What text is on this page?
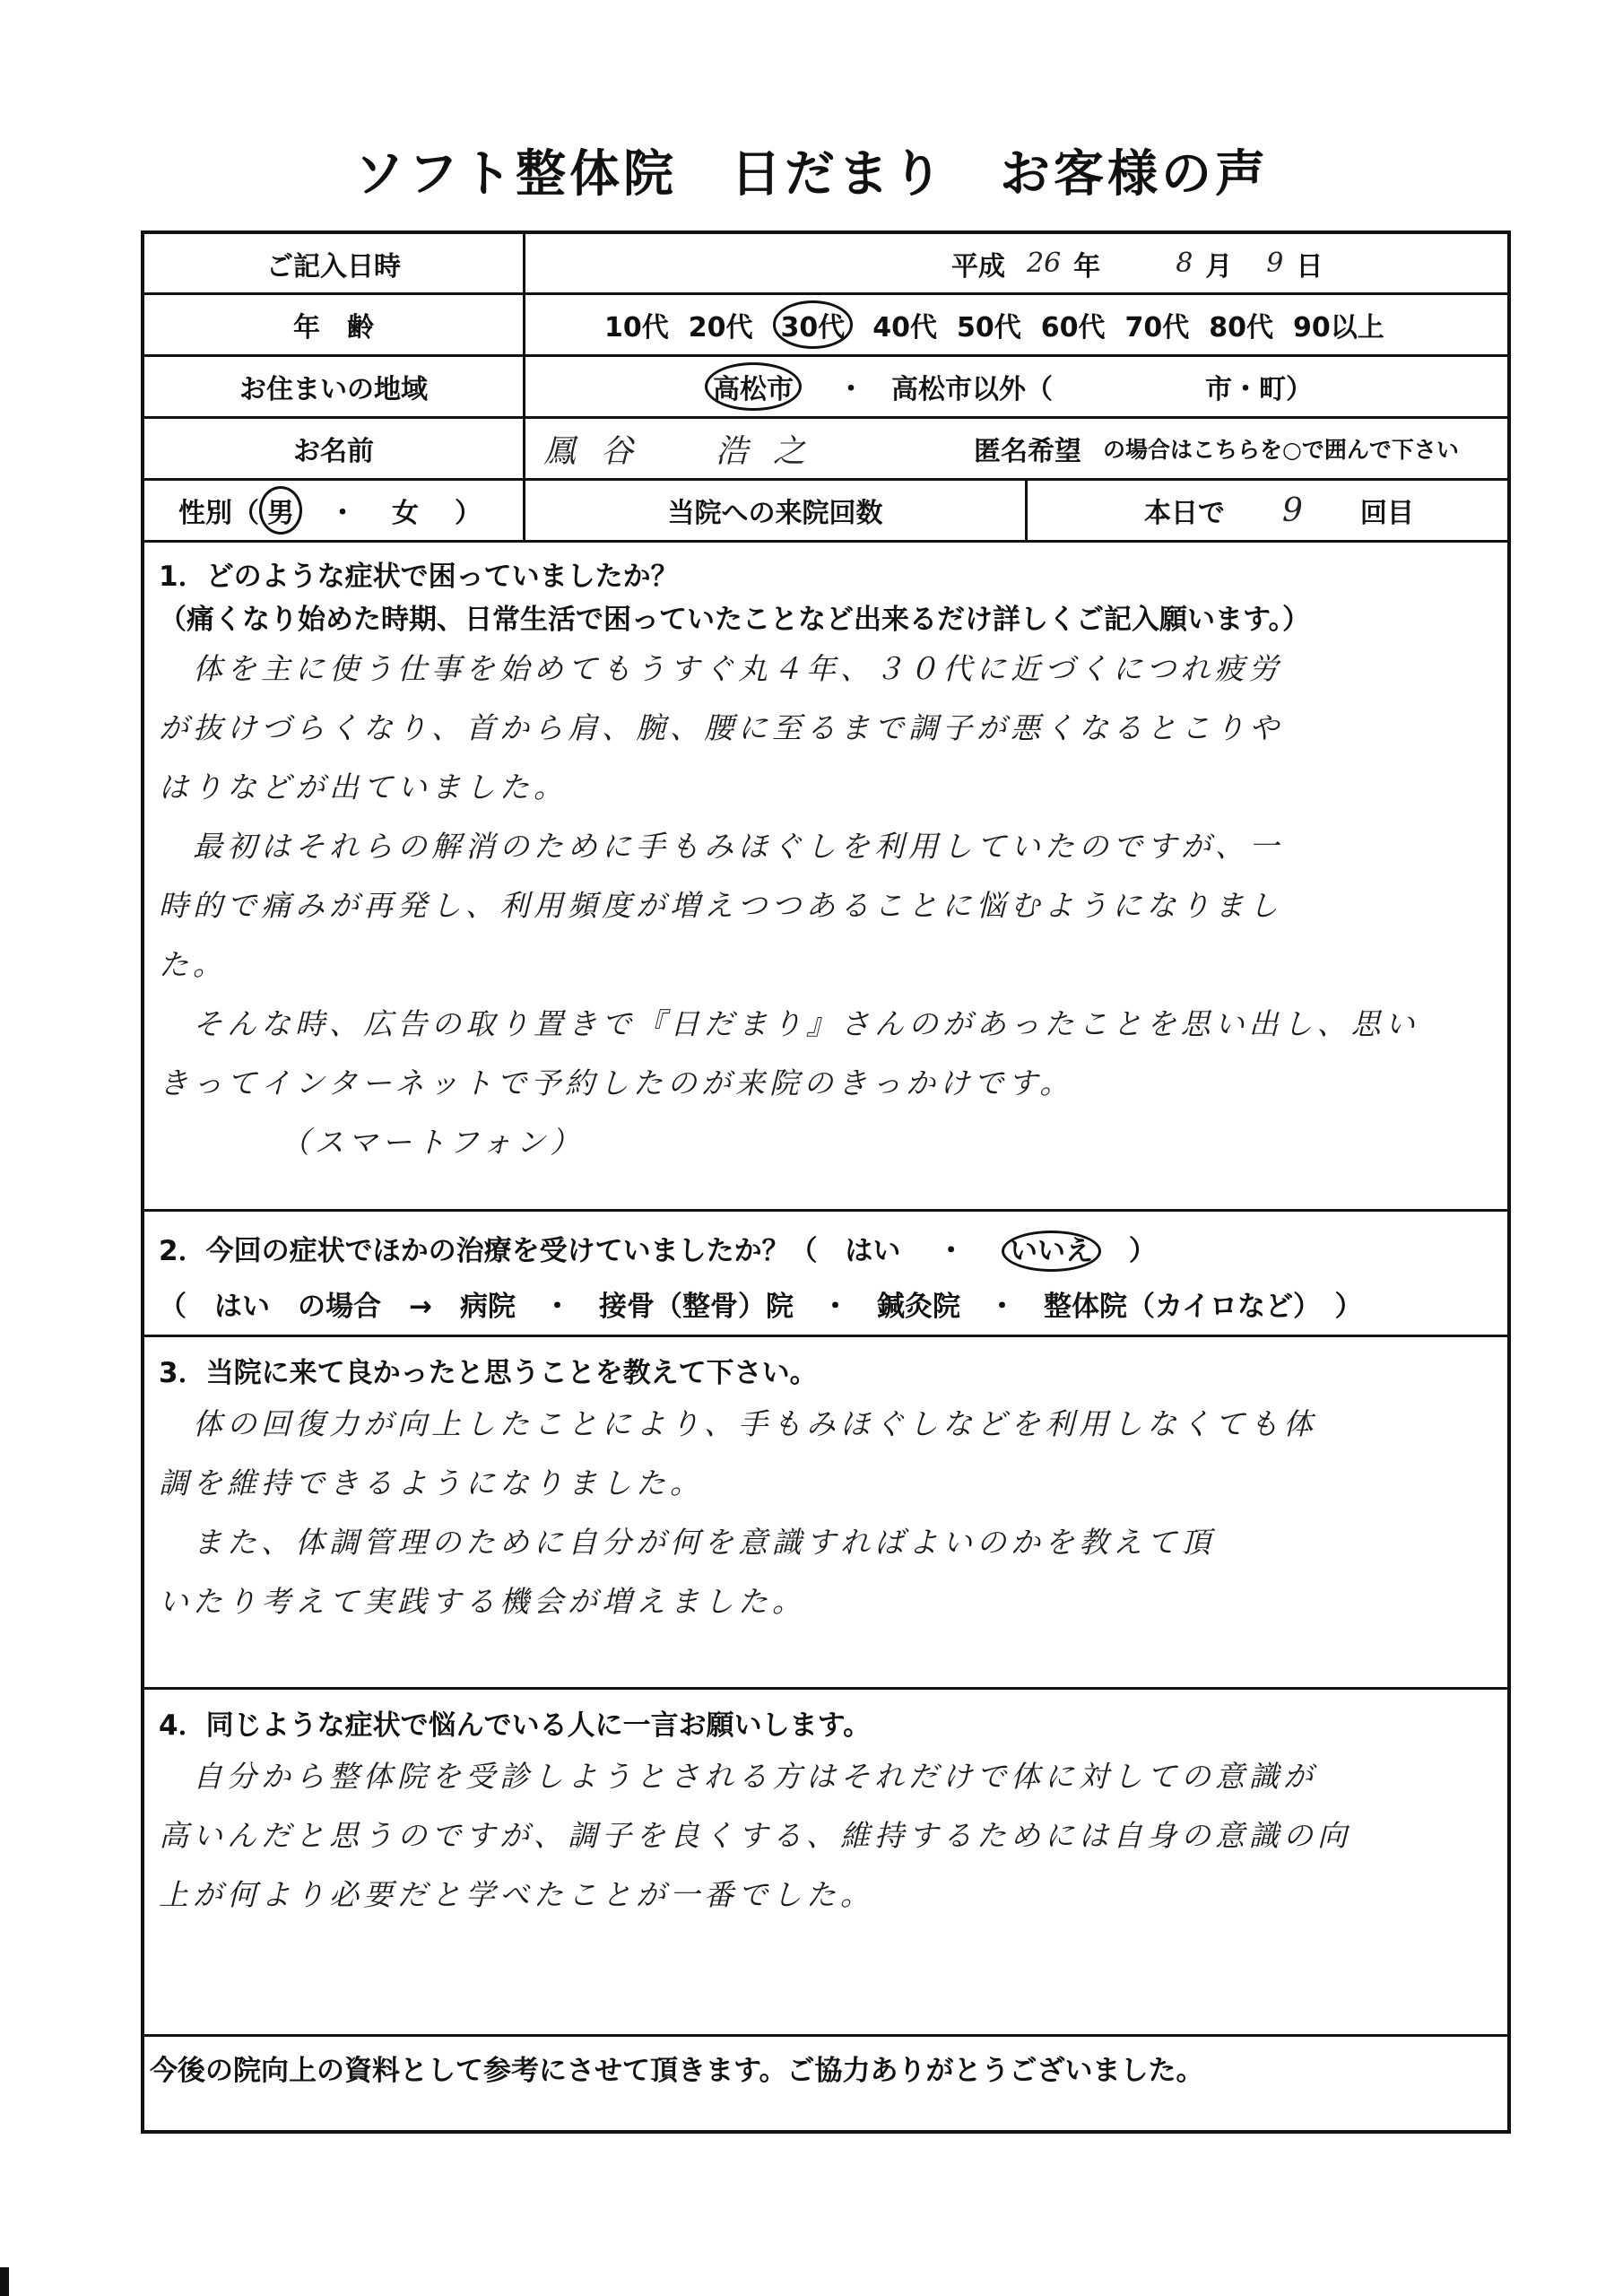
ソフト整体院 日だまり お客様の声
ご記入日時	平成 26 年	8 月 9 日
年　齢	10代 20代	30代	40代 50代 60代 70代 80代 90以上
お住まいの地域	高松市	・ 高松市以外（	市・町）
お名前	鳳谷　浩之	匿名希望 の場合はこちらを○で囲んで下さい
性別（ 男	・ 女 ）	当院への来院回数	本日で 9 回目
1．どのような症状で困っていましたか？
（痛くなり始めた時期、日常生活で困っていたことなど出来るだけ詳しくご記入願います。）
　体を主に使う仕事を始めてもうすぐ丸４年、３０代に近づくにつれ疲労
が抜けづらくなり、首から肩、腕、腰に至るまで調子が悪くなるとこりや
はりなどが出ていました。
　最初はそれらの解消のために手もみほぐしを利用していたのですが、一
時的で痛みが再発し、利用頻度が増えつつあることに悩むようになりまし
た。
　そんな時、広告の取り置きで『日だまり』さんのがあったことを思い出し、思い
きってインターネットで予約したのが来院のきっかけです。
　　　　（スマートフォン）
2．今回の症状でほかの治療を受けていましたか？（ はい ・ いいえ ）
（　はい　の場合　→　病院　・　接骨（整骨）院　・　鍼灸院　・　整体院（カイロなど）　）
3．当院に来て良かったと思うことを教えて下さい。
　体の回復力が向上したことにより、手もみほぐしなどを利用しなくても体
調を維持できるようになりました。
　また、体調管理のために自分が何を意識すればよいのかを教えて頂
いたり考えて実践する機会が増えました。
4．同じような症状で悩んでいる人に一言お願いします。
　自分から整体院を受診しようとされる方はそれだけで体に対しての意識が
高いんだと思うのですが、調子を良くする、維持するためには自身の意識の向
上が何より必要だと学べたことが一番でした。
今後の院向上の資料として参考にさせて頂きます。ご協力ありがとうございました。
